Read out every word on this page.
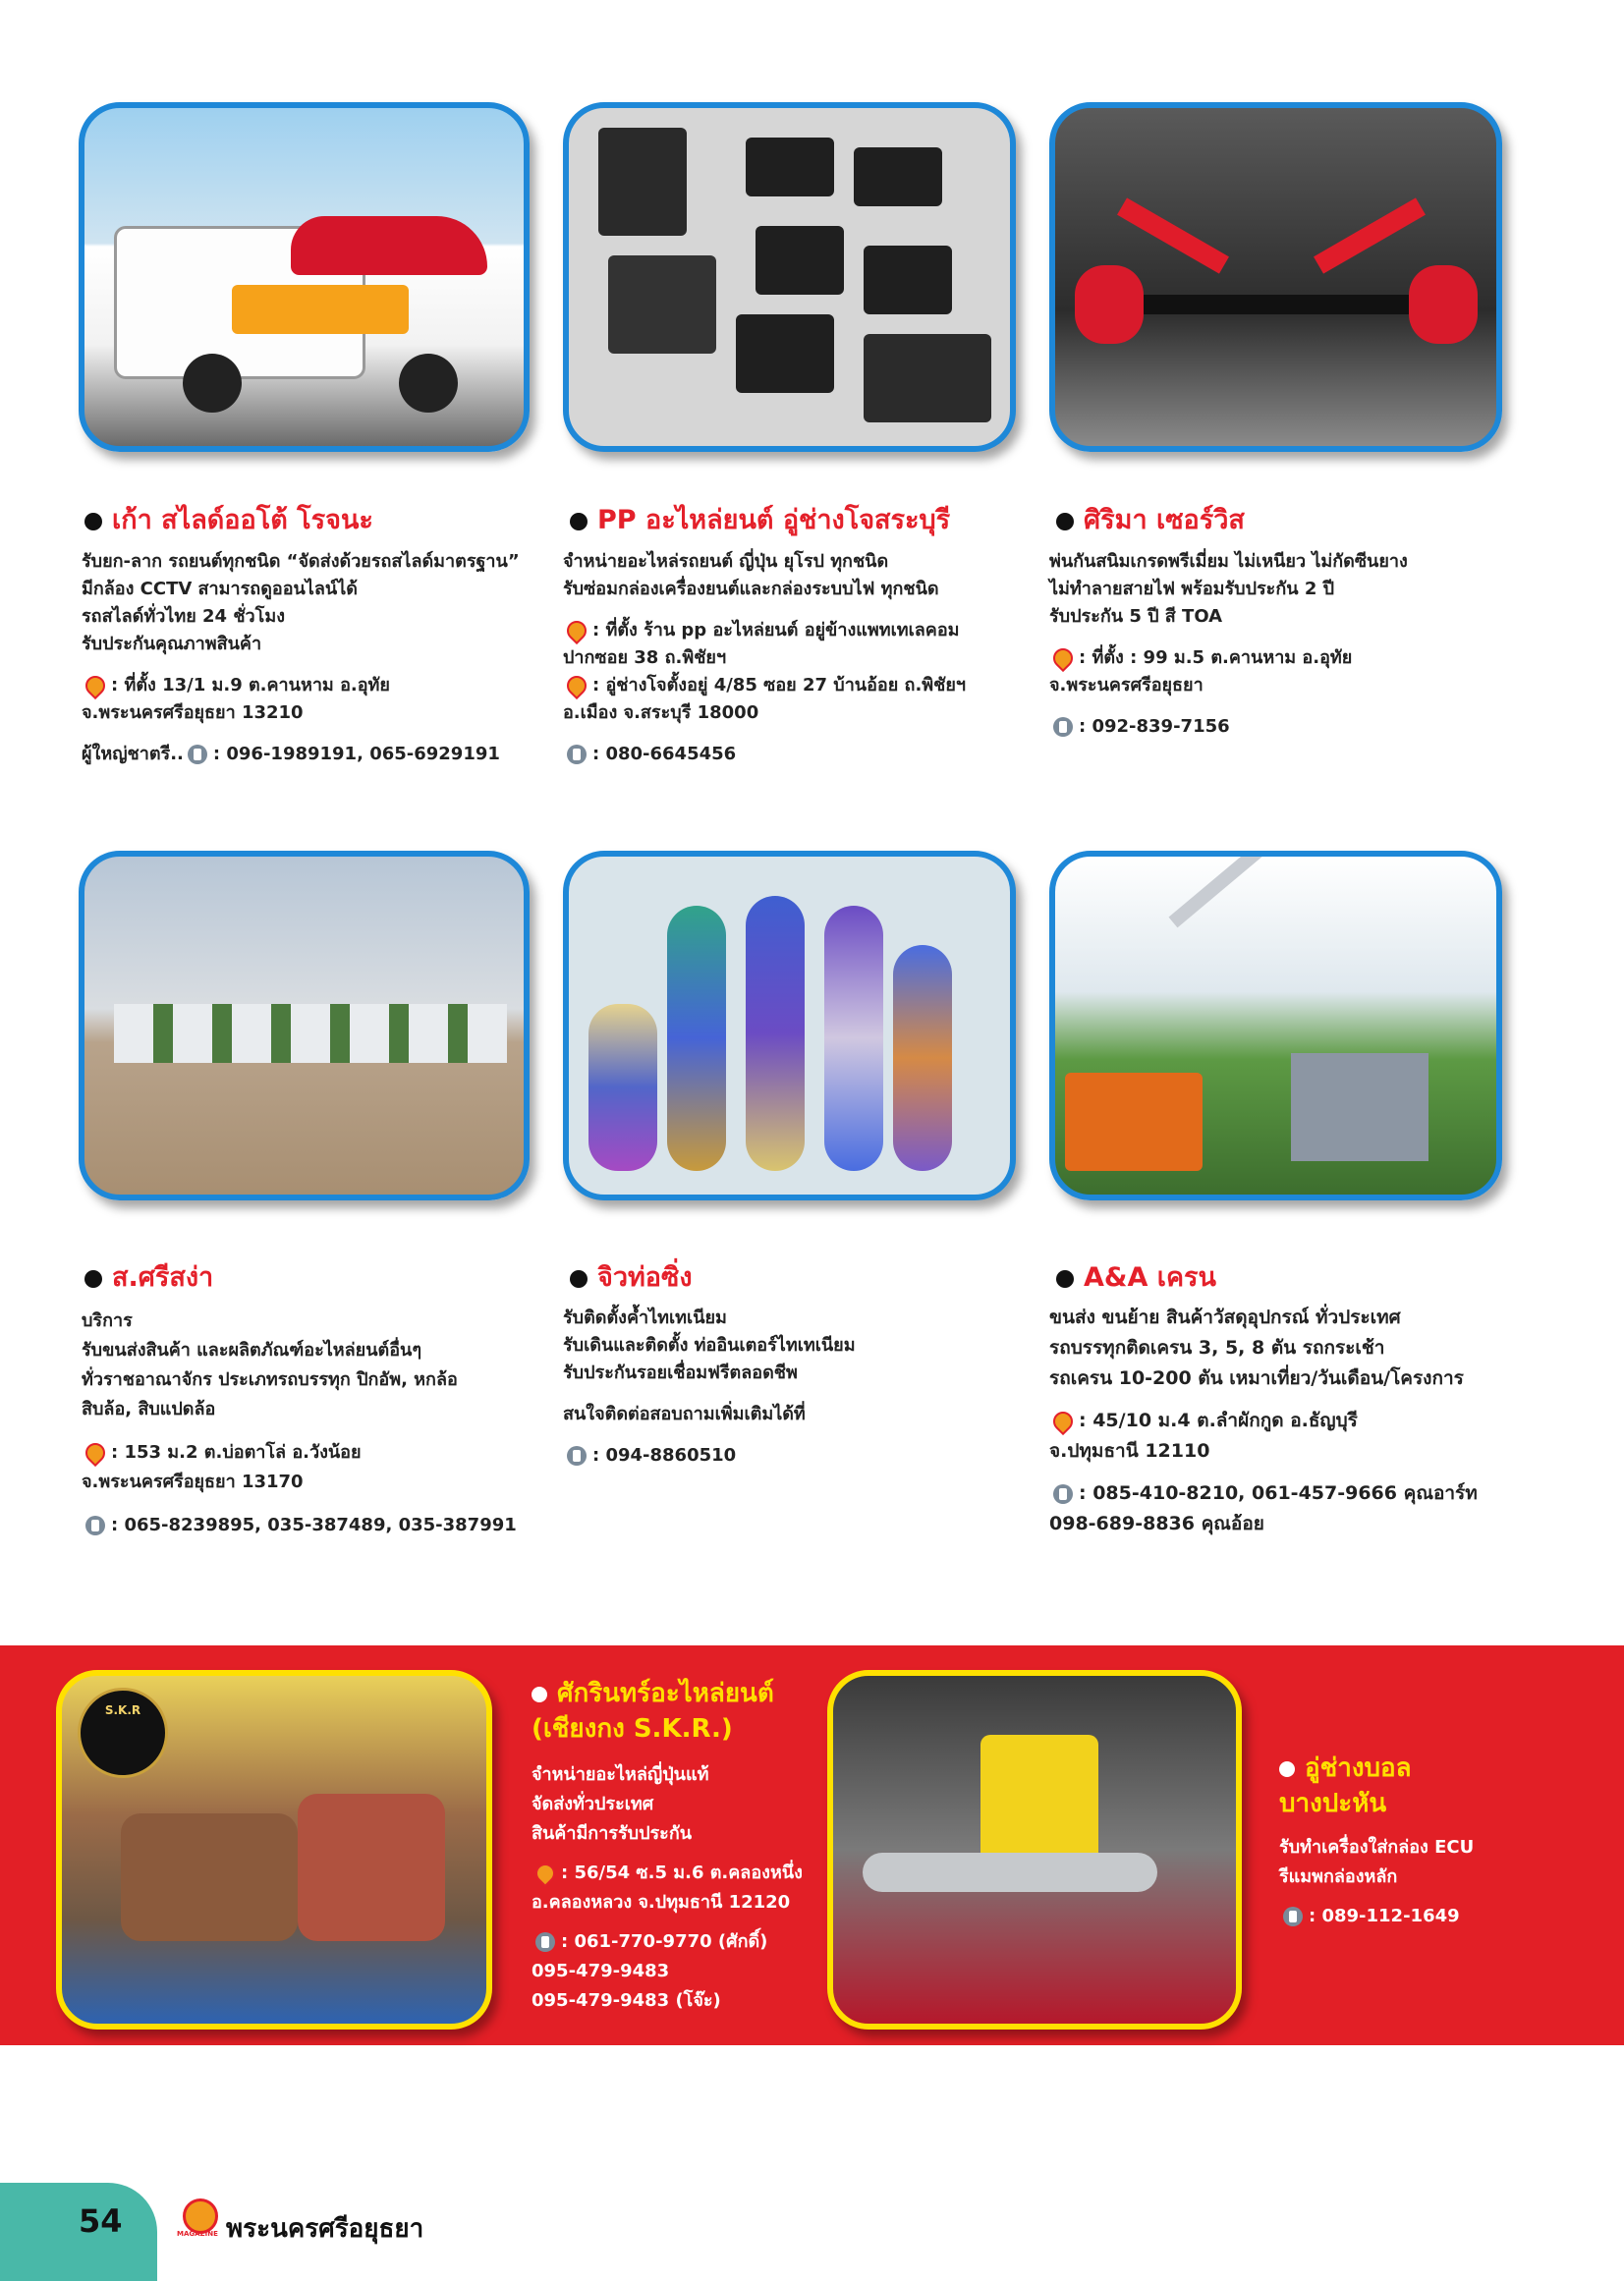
เก้า สไลด์ออโต้ โรจนะ
รับยก-ลาก รถยนต์ทุกชนิด “จัดส่งด้วยรถสไลด์มาตรฐาน”
มีกล้อง CCTV สามารถดูออนไลน์ได้
รถสไลด์ทั่วไทย 24 ชั่วโมง
รับประกันคุณภาพสินค้า
: ที่ตั้ง 13/1 ม.9 ต.คานหาม อ.อุทัย
จ.พระนครศรีอยุธยา 13210
ผู้ใหญ่ชาตรี.. : 096-1989191, 065-6929191
PP อะไหล่ยนต์ อู่ช่างโจสระบุรี
จำหน่ายอะไหล่รถยนต์ ญี่ปุ่น ยุโรป ทุกชนิด
รับซ่อมกล่องเครื่องยนต์และกล่องระบบไฟ ทุกชนิด
: ที่ตั้ง ร้าน pp อะไหล่ยนต์ อยู่ข้างแพทเทเลคอม
ปากซอย 38 ถ.พิชัยฯ
: อู่ช่างโจตั้งอยู่ 4/85 ซอย 27 บ้านอ้อย ถ.พิชัยฯ
อ.เมือง จ.สระบุรี 18000
: 080-6645456
ศิริมา เซอร์วิส
พ่นกันสนิมเกรดพรีเมี่ยม ไม่เหนียว ไม่กัดซีนยาง
ไม่ทำลายสายไฟ พร้อมรับประกัน 2 ปี
รับประกัน 5 ปี สี TOA
: ที่ตั้ง : 99 ม.5 ต.คานหาม อ.อุทัย
จ.พระนครศรีอยุธยา
: 092-839-7156
ส.ศรีสง่า
บริการ
รับขนส่งสินค้า และผลิตภัณฑ์อะไหล่ยนต์อื่นๆ
ทั่วราชอาณาจักร ประเภทรถบรรทุก ปิกอัพ, หกล้อ
สิบล้อ, สิบแปดล้อ
: 153 ม.2 ต.บ่อตาโล่ อ.วังน้อย
จ.พระนครศรีอยุธยา 13170
: 065-8239895, 035-387489, 035-387991
จิวท่อซิ่ง
รับติดตั้งค้ำไทเทเนียม
รับเดินและติดตั้ง ท่ออินเตอร์ไทเทเนียม
รับประกันรอยเชื่อมฟรีตลอดชีพ
สนใจติดต่อสอบถามเพิ่มเติมได้ที่
: 094-8860510
A&A เครน
ขนส่ง ขนย้าย สินค้าวัสดุอุปกรณ์ ทั่วประเทศ
รถบรรทุกติดเครน 3, 5, 8 ตัน รถกระเช้า
รถเครน 10-200 ตัน เหมาเที่ยว/วันเดือน/โครงการ
: 45/10 ม.4 ต.ลำผักกูด อ.ธัญบุรี
จ.ปทุมธานี 12110
: 085-410-8210, 061-457-9666 คุณอาร์ท
098-689-8836 คุณอ้อย
S.K.R
ศักรินทร์อะไหล่ยนต์
(เชียงกง S.K.R.)
จำหน่ายอะไหล่ญี่ปุ่นแท้
จัดส่งทั่วประเทศ
สินค้ามีการรับประกัน
: 56/54 ซ.5 ม.6 ต.คลองหนึ่ง
อ.คลองหลวง จ.ปทุมธานี 12120
: 061-770-9770 (ศักดิ์)
095-479-9483
095-479-9483 (โจ๊ะ)
อู่ช่างบอล
บางปะหัน
รับทำเครื่องใส่กล่อง ECU
รีแมพกล่องหลัก
: 089-112-1649
54	MAGAZINE พระนครศรีอยุธยา
